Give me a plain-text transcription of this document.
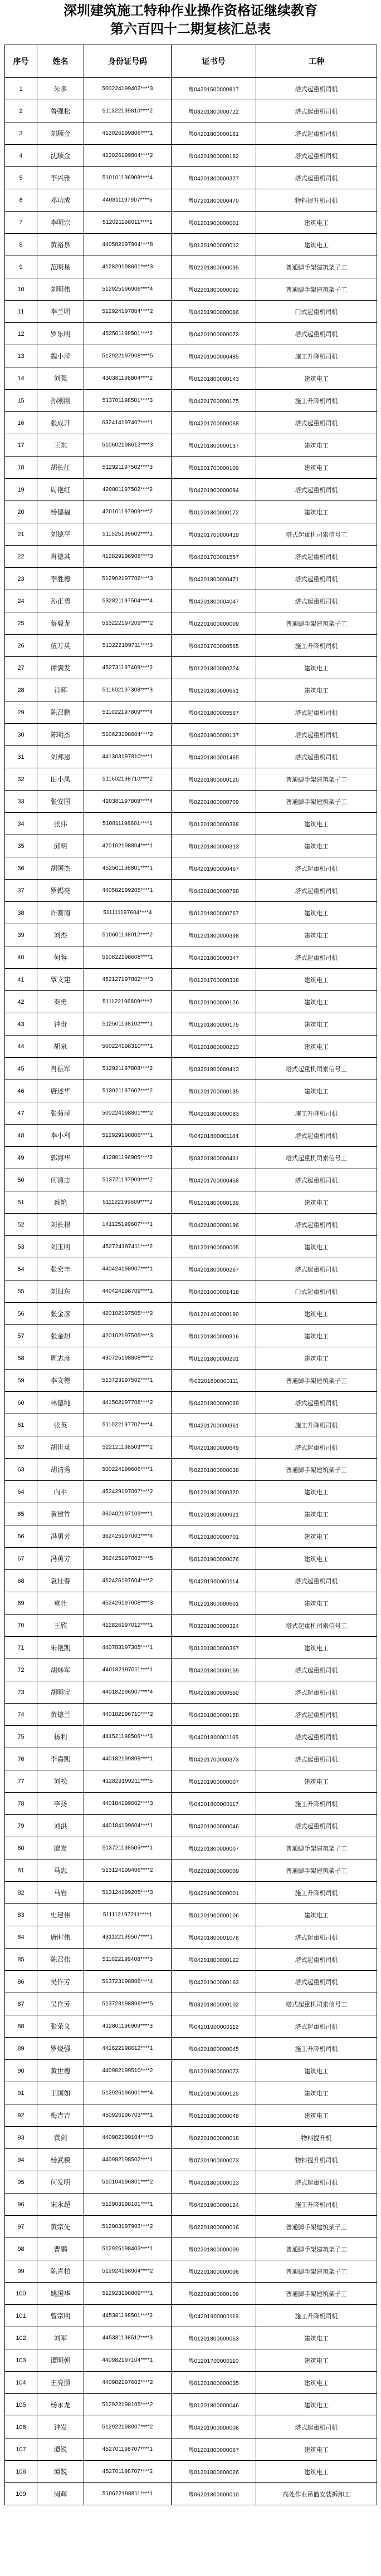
深圳建筑施工特种作业操作资格证继续教育
第六百四十二期复核汇总表
序号	姓名	身份证号码	证书号	工种
1	朱多	500224199402****3	粤04201500000817	塔式起重机司机
2	鲁强松	511322199810****2	粤03201800000722	塔式起重机司机
3	刘顺金	413026199806****1	粤04201800000181	塔式起重机司机
4	沈顺金	413026199804****2	粤04201800000182	塔式起重机司机
5	李兴雅	510101196908****4	粤04201800000327	塔式起重机司机
6	邓功成	440811197907****5	粤07201800000470	物料提升机司机
7	李明宗	512021198011****1	粤01201900000001	建筑电工
8	黄裕泉	440582197904****8	粤01201900000012	建筑电工
9	范明星	412829198601****3	粤02201800000095	普通脚手架建筑架子工
10	刘明伟	512925196906****4	粤02201800000092	普通脚手架建筑架子工
11	李兰明	512924197804****2	粤04201900000086	门式起重机司机
12	罗乐明	452501198501****2	粤04201900000073	塔式起重机司机
13	魏小萍	512922197908****5	粤04201900000485	施工升降机司机
14	刘强	430381198804****2	粤01201800000143	建筑电工
15	孙刚刚	513701198501****3	粤04201700000175	施工升降机司机
16	张成开	632414197407****1	粤04201700000068	塔式起重机司机
17	王东	510602198612****3	粤01201800000137	建筑电工
18	胡长江	512921197502****3	粤01201700000109	建筑电工
19	周艳红	420801197502****2	粤04201900000094	塔式起重机司机
20	杨德福	420101197909****2	粤01201800000172	建筑电工
21	刘德平	511525199602****1	粤03201700000419	塔式起重机司索信号工
22	肖德其	412829196908****3	粤04201700001557	塔式起重机司机
23	李胜德	512902197706****3	粤04201800000471	塔式起重机司机
24	孙正勇	532821197504****4	粤04201800004047	塔式起重机司机
25	蔡毅龙	513222197209****2	粤02201600000009	普通脚手架建筑架子工
26	伍万英	513222199711****3	粤04201700000565	施工升降机司机
27	谭满发	452731197409****2	粤01201800000224	建筑电工
28	肖晖	511602197308****3	粤01201800000651	建筑电工
29	陈召鹏	511022197809****4	粤04201800005567	塔式起重机司机
30	陈明杰	510623198604****2	粤04201900000137	塔式起重机司机
31	刘邦恩	441303197810****1	粤04201800001465	塔式起重机司机
32	田小凤	511602198710****2	粤02201800000120	普通脚手架建筑架子工
33	张安国	420381197808****4	粤02201800000709	普通脚手架建筑架子工
34	张伟	510811198601****1	粤01201800000368	建筑电工
35	邱明	420102198804****1	粤01201800000313	建筑电工
36	胡国杰	452501198801****1	粤04201900000467	塔式起重机司机
37	罗锡亮	440582199205****1	粤04201800000768	塔式起重机司机
38	许赛南	511111197604****4	粤01201800000767	建筑电工
39	刘杰	510601198012****2	粤01201800000398	建筑电工
40	何蓉	510822198608****1	粤04201800000347	塔式起重机司机
41	覃文建	452127197802****3	粤01201700000318	建筑电工
42	秦勇	511122196809****2	粤01201900000126	建筑电工
43	钟贵	512501198102****1	粤01201800000175	建筑电工
44	胡泉	500224198310****1	粤01201800000213	建筑电工
45	肖振军	512921197808****2	粤03201800000413	塔式起重机司索信号工
46	唐述华	513021197602****2	粤01201700000135	建筑电工
47	张菊萍	500224198801****2	粤04201800000083	施工升降机司机
48	李小利	512929198806****1	粤04201800001184	塔式起重机司机
49	郭海华	412801196905****2	粤03201800000431	塔式起重机司索信号工
50	何清志	513721197909****2	粤04201700000458	塔式起重机司机
51	蔡艳	511122199609****2	粤01201800000139	建筑电工
52	刘长根	141125199607****1	粤04201800000196	塔式起重机司机
53	刘玉明	452724197411****2	粤01201900000005	建筑电工
54	张宏丰	440424198907****1	粤04201800000267	塔式起重机司机
55	刘旧东	440424198709****1	粤04201600001418	门式起重机司机
56	张金彦	420102197505****2	粤01201400000190	建筑电工
57	张金坦	420102197505****3	粤01201800000316	建筑电工
58	周志彦	430725198808****2	粤01201800000201	建筑电工
59	李文德	513723197502****1	粤02201800000111	普通脚手架建筑架子工
60	林德纯	441502197708****2	粤04201800000069	塔式起重机司机
61	张英	511022197707****4	粤04201700000361	施工升降机司机
62	胡世英	522121198503****2	粤04201800000649	塔式起重机司机
63	胡清秀	500224199606****1	粤02201800000038	普通脚手架建筑架子工
64	向平	452429197007****2	粤01201800000320	建筑电工
65	黄建竹	360402197109****1	粤01201800000921	建筑电工
66	冯勇芳	362425197003****4	粤01201800000701	建筑电工
67	冯勇芳	362425197003****5	粤01201900000076	建筑电工
68	袁壮春	452426197604****2	粤04201900000114	塔式起重机司机
69	袁壮	452426197608****3	粤01201800000601	建筑电工
70	王欣	412826197012****1	粤03201800000324	塔式起重机司索信号工
71	朱艳凯	440783197305****1	粤01201800000367	建筑电工
72	胡炜军	440182197011****1	粤04201800000159	塔式起重机司机
73	胡明宝	440182196907****4	粤04201800000560	塔式起重机司机
74	黄德兰	440182196710****2	粤04201800000158	塔式起重机司机
75	杨利	441521198506****3	粤04201800001165	塔式起重机司机
76	李嘉凯	440182199809****1	粤04201700000373	塔式起重机司机
77	刘松	412829199211****5	粤01201900000007	建筑电工
78	李扬	440184199002****3	粤04201800000117	施工升降机司机
79	刘洪	440184199604****1	粤04201900000046	塔式起重机司机
80	廖友	513721198505****1	粤02201800000007	普通脚手架建筑架子工
81	马忠	513124199406****2	粤02201800000009	普通脚手架建筑架子工
82	马岩	513124199205****3	粤04201900000001	施工升降机司机
83	史建伟	511112197211****1	粤01201900000106	建筑电工
84	唐时伟	431122199507****1	粤04201800001078	塔式起重机司机
85	陈召伟	511022199408****3	粤04201800000122	塔式起重机司机
86	吴作芳	513723198806****4	粤04201900000163	塔式起重机司机
87	吴作芳	513723198806****5	粤03201800000102	塔式起重机司索信号工
88	张荣义	412801196909****3	粤04201900000112	塔式起重机司机
89	罗烧强	441622198612****1	粤04201800000045	施工升降机司机
90	黄世德	440982199510****2	粤01201800000073	建筑电工
91	王国如	512926196901****4	粤01201900000125	建筑电工
92	梅吉吉	450926196703****1	粤01201800000048	建筑电工
93	黄剑	440982199104****3	粤02201800000018	物料提升机
94	杨武模	440982198502****1	粤07201900000073	物料提升机司机
95	何发明	510104196801****2	粤04201800000013	塔式起重机司机
96	宋永超	512903198101****1	粤04201900000124	施工升降机司机
97	黄宗先	512903197903****2	粤02201800000016	普通脚手架建筑架子工
98	曹鹏	512925198403****1	粤02201800000009	普通脚手架建筑架子工
99	陈青柏	512924198904****2	粤02201800000006	普通脚手架建筑架子工
100	姚国华	512923198809****1	粤02201800000109	普通脚手架建筑架子工
101	曾宗明	445381198501****2	粤04201900000119	施工升降机司机
102	刘军	445381198512****3	粤01201800000053	建筑电工
103	谭明朝	440982197104****1	粤01201700000110	建筑电工
104	王亮照	440982197603****2	粤01201800000035	建筑电工
105	杨永龙	512922198105****2	粤01201800000046	建筑电工
106	钟发	512922198007****2	粤04201900000008	塔式起重机司机
107	谭锐	452701198707****1	粤01201800000067	建筑电工
108	谭锐	452701198707****2	粤01201800000026	建筑电工
109	周辉	510622198811****1	粤06201800000010	高处作业吊篮安装拆卸工
